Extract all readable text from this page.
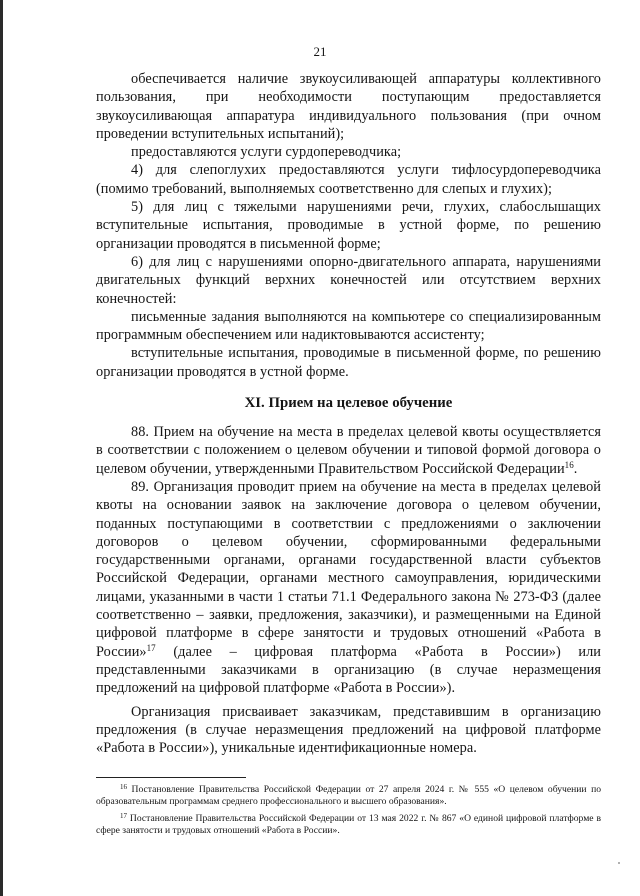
21

обеспечивается наличие звукоусиливающей аппаратуры коллективного пользования, при необходимости поступающим предоставляется звукоусиливающая аппаратура индивидуального пользования (при очном проведении вступительных испытаний);

предоставляются услуги сурдопереводчика;

4) для слепоглухих предоставляются услуги тифлосурдопереводчика (помимо требований, выполняемых соответственно для слепых и глухих);

5) для лиц с тяжелыми нарушениями речи, глухих, слабослышащих вступительные испытания, проводимые в устной форме, по решению организации проводятся в письменной форме;

6) для лиц с нарушениями опорно-двигательного аппарата, нарушениями двигательных функций верхних конечностей или отсутствием верхних конечностей:

письменные задания выполняются на компьютере со специализированным программным обеспечением или надиктовываются ассистенту;

вступительные испытания, проводимые в письменной форме, по решению организации проводятся в устной форме.

XI. Прием на целевое обучение

88. Прием на обучение на места в пределах целевой квоты осуществляется в соответствии с положением о целевом обучении и типовой формой договора о целевом обучении, утвержденными Правительством Российской Федерации$^{16}$.

89. Организация проводит прием на обучение на места в пределах целевой квоты на основании заявок на заключение договора о целевом обучении, поданных поступающими в соответствии с предложениями о заключении договоров о целевом обучении, сформированными федеральными государственными органами, органами государственной власти субъектов Российской Федерации, органами местного самоуправления, юридическими лицами, указанными в части 1 статьи 71.1 Федерального закона № 273-ФЗ (далее соответственно – заявки, предложения, заказчики), и размещенными на Единой цифровой платформе в сфере занятости и трудовых отношений «Работа в России»$^{17}$ (далее – цифровая платформа «Работа в России») или представленными заказчиками в организацию (в случае неразмещения предложений на цифровой платформе «Работа в России»).

Организация присваивает заказчикам, представившим в организацию предложения (в случае неразмещения предложений на цифровой платформе «Работа в России»), уникальные идентификационные номера.

$^{16}$ Постановление Правительства Российской Федерации от 27 апреля 2024 г. № 555 «О целевом обучении по образовательным программам среднего профессионального и высшего образования».

$^{17}$ Постановление Правительства Российской Федерации от 13 мая 2022 г. № 867 «О единой цифровой платформе в сфере занятости и трудовых отношений «Работа в России».
